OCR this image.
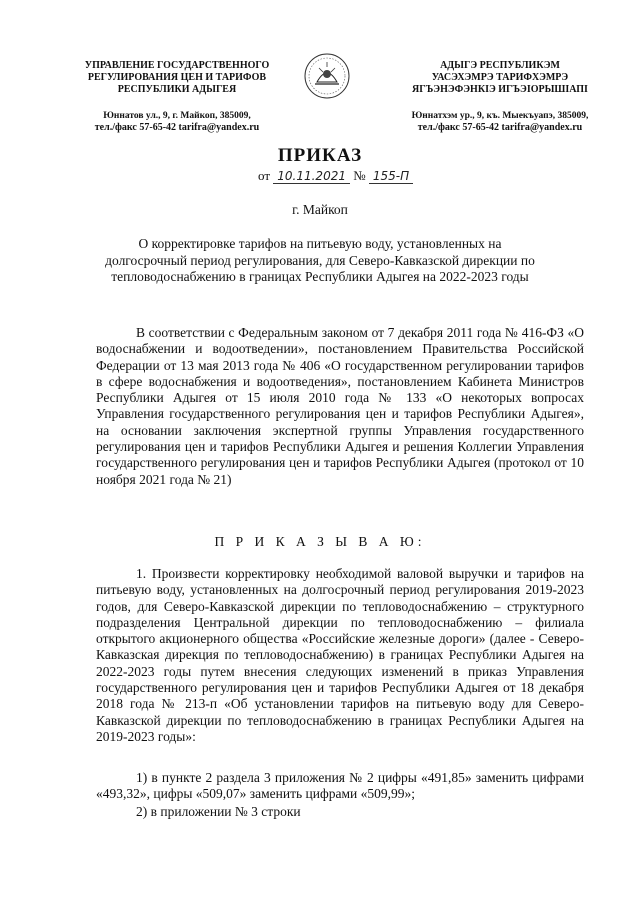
УПРАВЛЕНИЕ ГОСУДАРСТВЕННОГО
РЕГУЛИРОВАНИЯ ЦЕН И ТАРИФОВ
РЕСПУБЛИКИ АДЫГЕЯ
Юннатов ул., 9, г. Майкоп, 385009,
тел./факс 57-65-42 tarifra@yandex.ru
АДЫГЭ РЕСПУБЛИКЭМ
УАСЭХЭМРЭ ТАРИФХЭМРЭ
ЯГЪЭНЭФЭНКIЭ ИГЪЭIОРЫШIАПI
Юннатхэм ур., 9, къ. Мыекъуапэ, 385009,
тел./факс 57-65-42 tarifra@yandex.ru
ПРИКАЗ
от 10.11.2021 № 155-П
г. Майкоп
О корректировке тарифов на питьевую воду, установленных на долгосрочный период регулирования, для Северо-Кавказской дирекции по тепловодоснабжению в границах Республики Адыгея на 2022-2023 годы
В соответствии с Федеральным законом от 7 декабря 2011 года № 416-ФЗ «О водоснабжении и водоотведении», постановлением Правительства Российской Федерации от 13 мая 2013 года № 406 «О государственном регулировании тарифов в сфере водоснабжения и водоотведения», постановлением Кабинета Министров Республики Адыгея от 15 июля 2010 года № 133 «О некоторых вопросах Управления государственного регулирования цен и тарифов Республики Адыгея», на основании заключения экспертной группы Управления государственного регулирования цен и тарифов Республики Адыгея и решения Коллегии Управления государственного регулирования цен и тарифов Республики Адыгея (протокол от 10 ноября 2021 года № 21)
П Р И К А З Ы В А Ю:
1. Произвести корректировку необходимой валовой выручки и тарифов на питьевую воду, установленных на долгосрочный период регулирования 2019-2023 годов, для Северо-Кавказской дирекции по тепловодоснабжению – структурного подразделения Центральной дирекции по тепловодоснабжению – филиала открытого акционерного общества «Российские железные дороги» (далее - Северо-Кавказская дирекция по тепловодоснабжению) в границах Республики Адыгея на 2022-2023 годы путем внесения следующих изменений в приказ Управления государственного регулирования цен и тарифов Республики Адыгея от 18 декабря 2018 года № 213-п «Об установлении тарифов на питьевую воду для Северо-Кавказской дирекции по тепловодоснабжению в границах Республики Адыгея на 2019-2023 годы»:
1) в пункте 2 раздела 3 приложения № 2 цифры «491,85» заменить цифрами «493,32», цифры «509,07» заменить цифрами «509,99»;
2) в приложении № 3 строки
